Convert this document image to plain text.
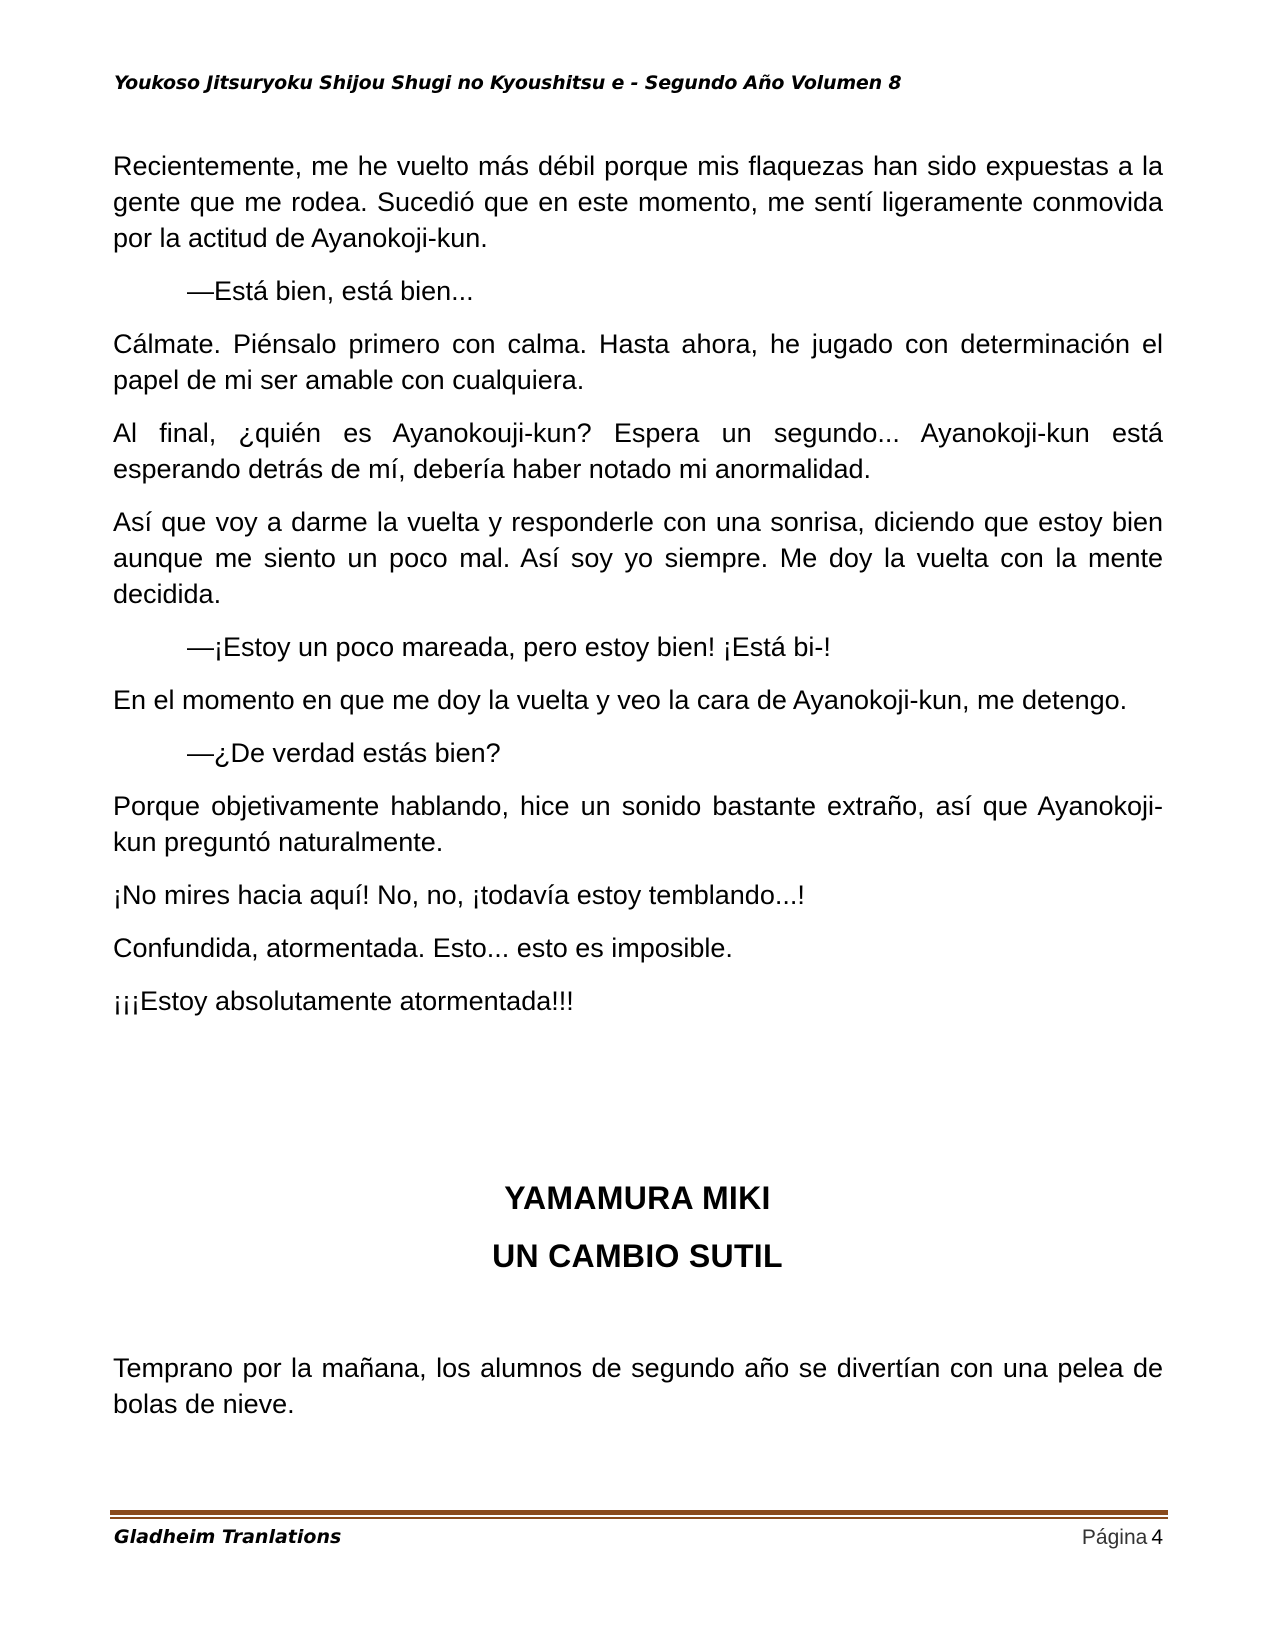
Youkoso Jitsuryoku Shijou Shugi no Kyoushitsu e - Segundo Año Volumen 8

Recientemente, me he vuelto más débil porque mis flaquezas han sido expuestas a la gente que me rodea. Sucedió que en este momento, me sentí ligeramente conmovida por la actitud de Ayanokoji-kun.

—Está bien, está bien...

Cálmate. Piénsalo primero con calma. Hasta ahora, he jugado con determinación el papel de mi ser amable con cualquiera.

Al final, ¿quién es Ayanokouji-kun? Espera un segundo... Ayanokoji-kun está esperando detrás de mí, debería haber notado mi anormalidad.

Así que voy a darme la vuelta y responderle con una sonrisa, diciendo que estoy bien aunque me siento un poco mal. Así soy yo siempre. Me doy la vuelta con la mente decidida.

—¡Estoy un poco mareada, pero estoy bien! ¡Está bi-!

En el momento en que me doy la vuelta y veo la cara de Ayanokoji-kun, me detengo.

—¿De verdad estás bien?

Porque objetivamente hablando, hice un sonido bastante extraño, así que Ayanokoji-kun preguntó naturalmente.

¡No mires hacia aquí! No, no, ¡todavía estoy temblando...!

Confundida, atormentada. Esto... esto es imposible.

¡¡¡Estoy absolutamente atormentada!!!

YAMAMURA MIKI
UN CAMBIO SUTIL

Temprano por la mañana, los alumnos de segundo año se divertían con una pelea de bolas de nieve.

Gladheim Tranlations	Página 4
